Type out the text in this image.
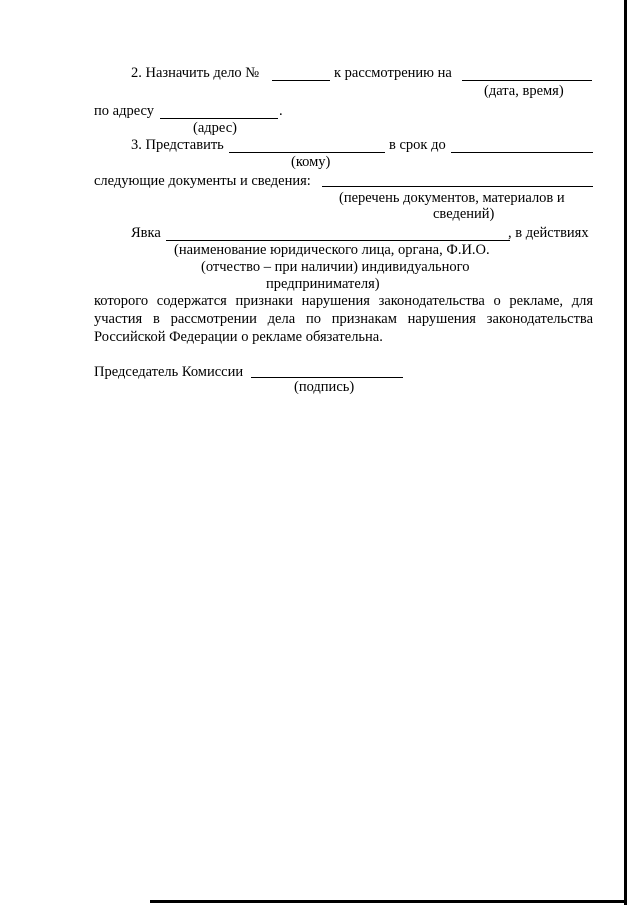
2. Назначить дело №	к рассмотрению на
(дата, время)
по адресу	.
(адрес)
3. Представить	в срок до
(кому)
следующие документы и сведения:
(перечень документов, материалов и
сведений)
Явка	, в действиях
(наименование юридического лица, органа, Ф.И.О.
(отчество – при наличии) индивидуального
предпринимателя)
которого содержатся признаки нарушения законодательства о рекламе, для участия в рассмотрении дела по признакам нарушения законодательства Российской Федерации о рекламе обязательна.
Председатель Комиссии
(подпись)
